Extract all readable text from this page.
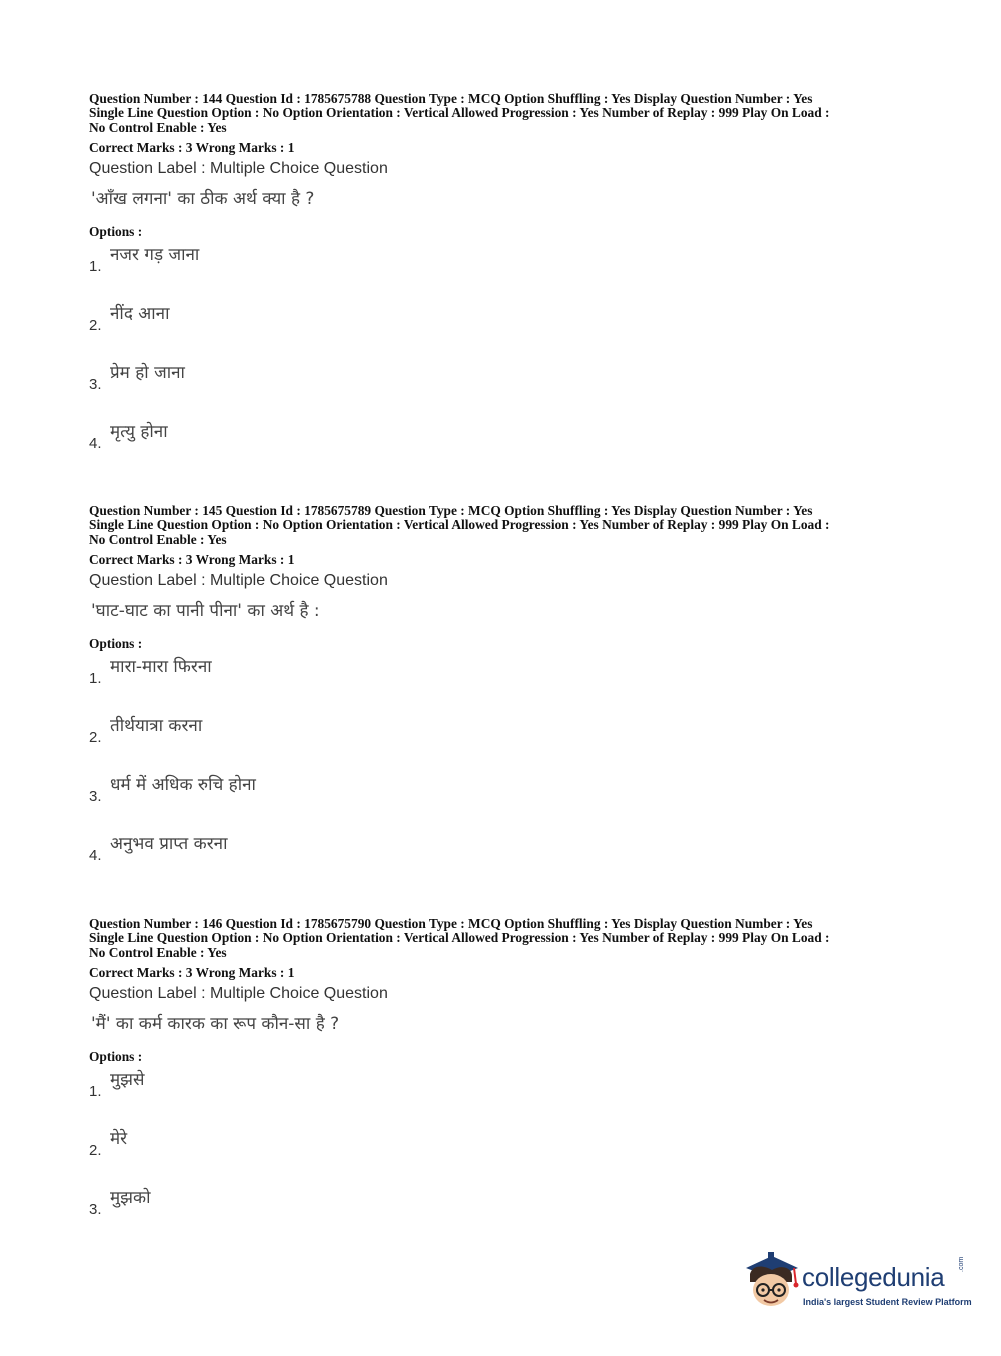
Question Number : 144 Question Id : 1785675788 Question Type : MCQ Option Shuffling : Yes Display Question Number : Yes

Single Line Question Option : No Option Orientation : Vertical Allowed Progression : Yes Number of Replay : 999 Play On Load :

No Control Enable : Yes

Correct Marks : 3 Wrong Marks : 1

Question Label : Multiple Choice Question

'आँख लगना' का ठीक अर्थ क्या है ?

Options :

1.
नजर गड़ जाना
2.
नींद आना
3.
प्रेम हो जाना
4.
मृत्यु होना

Question Number : 145 Question Id : 1785675789 Question Type : MCQ Option Shuffling : Yes Display Question Number : Yes

Single Line Question Option : No Option Orientation : Vertical Allowed Progression : Yes Number of Replay : 999 Play On Load :

No Control Enable : Yes

Correct Marks : 3 Wrong Marks : 1

Question Label : Multiple Choice Question

'घाट-घाट का पानी पीना' का अर्थ है :

Options :

1.
मारा-मारा फिरना
2.
तीर्थयात्रा करना
3.
धर्म में अधिक रुचि होना
4.
अनुभव प्राप्त करना

Question Number : 146 Question Id : 1785675790 Question Type : MCQ Option Shuffling : Yes Display Question Number : Yes

Single Line Question Option : No Option Orientation : Vertical Allowed Progression : Yes Number of Replay : 999 Play On Load :

No Control Enable : Yes

Correct Marks : 3 Wrong Marks : 1

Question Label : Multiple Choice Question

'मैं' का कर्म कारक का रूप कौन-सा है ?

Options :

1.
मुझसे
2.
मेरे
3.
मुझको
collegedunia .com
India's largest Student Review Platform
